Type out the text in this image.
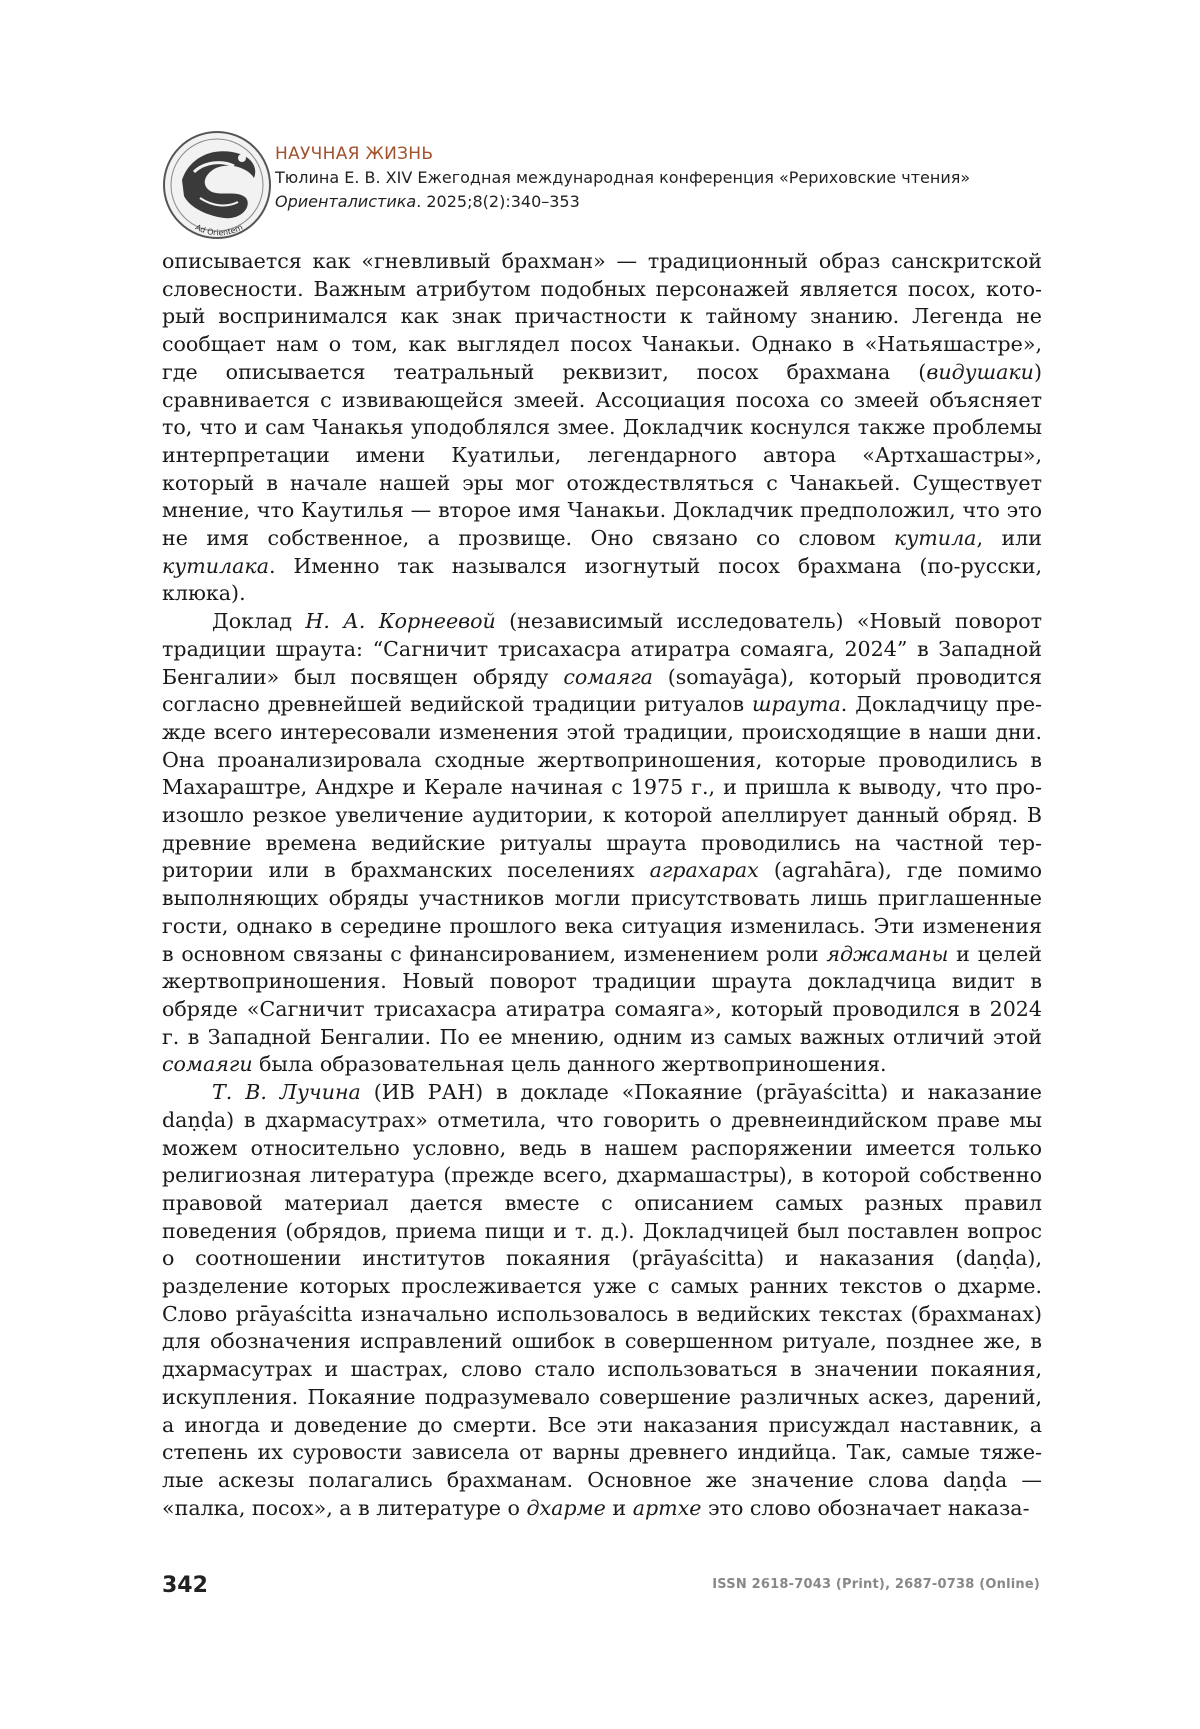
Ad Orientem
НАУЧНАЯ ЖИЗНЬ
Тюлина Е. В. XIV Ежегодная международная конференция «Рериховские чтения»
Ориенталистика. 2025;8(2):340–353

описывается как «гневливый брахман» — традиционный образ санскритской словесности. Важным атрибутом подобных персонажей является посох, который воспринимался как знак причастности к тайному знанию. Легенда не сообщает нам о том, как выглядел посох Чанакьи. Однако в «Натьяшастре», где описывается театральный реквизит, посох брахмана (видушаки) сравнивается с извивающейся змеей. Ассоциация посоха со змеей объясняет то, что и сам Чанакья уподоблялся змее. Докладчик коснулся также проблемы интерпретации имени Куатильи, легендарного автора «Артхашастры», который в начале нашей эры мог отождествляться с Чанакьей. Существует мнение, что Каутилья — второе имя Чанакьи. Докладчик предположил, что это не имя собственное, а прозвище. Оно связано со словом кутила, или кутилака. Именно так назывался изогнутый посох брахмана (по-русски, клюка).

Доклад Н. А. Корнеевой (независимый исследователь) «Новый поворот традиции шраута: “Сагничит трисахасра атиратра сомаяга, 2024” в Западной Бенгалии» был посвящен обряду сомаяга (somayāga), который проводится согласно древнейшей ведийской традиции ритуалов шраута. Докладчицу прежде всего интересовали изменения этой традиции, происходящие в наши дни. Она проанализировала сходные жертвоприношения, которые проводились в Махараштре, Андхре и Керале начиная с 1975 г., и пришла к выводу, что произошло резкое увеличение аудитории, к которой апеллирует данный обряд. В древние времена ведийские ритуалы шраута проводились на частной территории или в брахманских поселениях аграхарах (agrahāra), где помимо выполняющих обряды участников могли присутствовать лишь приглашенные гости, однако в середине прошлого века ситуация изменилась. Эти изменения в основном связаны с финансированием, изменением роли яджаманы и целей жертвоприношения. Новый поворот традиции шраута докладчица видит в обряде «Сагничит трисахасра атиратра сомаяга», который проводился в 2024 г. в Западной Бенгалии. По ее мнению, одним из самых важных отличий этой сомаяги была образовательная цель данного жертвоприношения.

Т. В. Лучина (ИВ РАН) в докладе «Покаяние (prāyaścitta) и наказание daṇḍa) в дхармасутрах» отметила, что говорить о древнеиндийском праве мы можем относительно условно, ведь в нашем распоряжении имеется только религиозная литература (прежде всего, дхармашастры), в которой собственно правовой материал дается вместе с описанием самых разных правил поведения (обрядов, приема пищи и т. д.). Докладчицей был поставлен вопрос о соотношении институтов покаяния (prāyaścitta) и наказания (daṇḍa), разделение которых прослеживается уже с самых ранних текстов о дхарме. Слово prāyaścitta изначально использовалось в ведийских текстах (брахманах) для обозначения исправлений ошибок в совершенном ритуале, позднее же, в дхармасутрах и шастрах, слово стало использоваться в значении покаяния, искупления. Покаяние подразумевало совершение различных аскез, дарений, а иногда и доведение до смерти. Все эти наказания присуждал наставник, а степень их суровости зависела от варны древнего индийца. Так, самые тяжелые аскезы полагались брахманам. Основное же значение слова daṇḍa — «палка, посох», а в литературе о дхарме и артхе это слово обозначает наказа-

342	ISSN 2618-7043 (Print), 2687-0738 (Online)
